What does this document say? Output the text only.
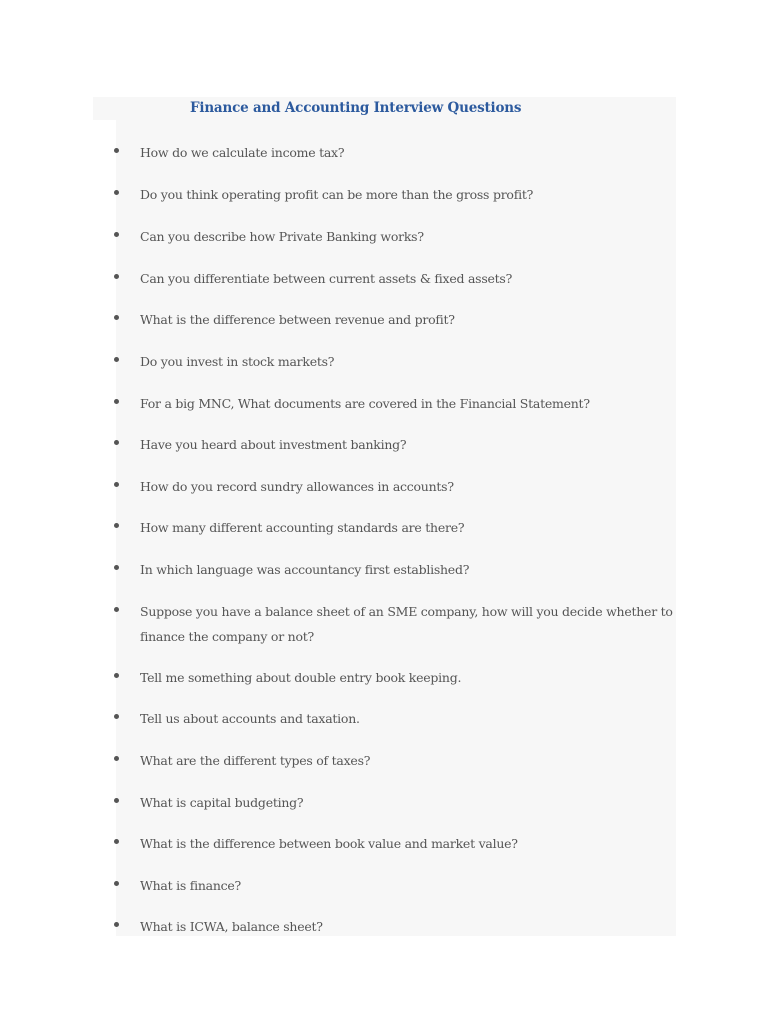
Finance and Accounting Interview Questions
How do we calculate income tax?
Do you think operating profit can be more than the gross profit?
Can you describe how Private Banking works?
Can you differentiate between current assets & fixed assets?
What is the difference between revenue and profit?
Do you invest in stock markets?
For a big MNC, What documents are covered in the Financial Statement?
Have you heard about investment banking?
How do you record sundry allowances in accounts?
How many different accounting standards are there?
In which language was accountancy first established?
Suppose you have a balance sheet of an SME company, how will you decide whether to finance the company or not?
Tell me something about double entry book keeping.
Tell us about accounts and taxation.
What are the different types of taxes?
What is capital budgeting?
What is the difference between book value and market value?
What is finance?
What is ICWA, balance sheet?
